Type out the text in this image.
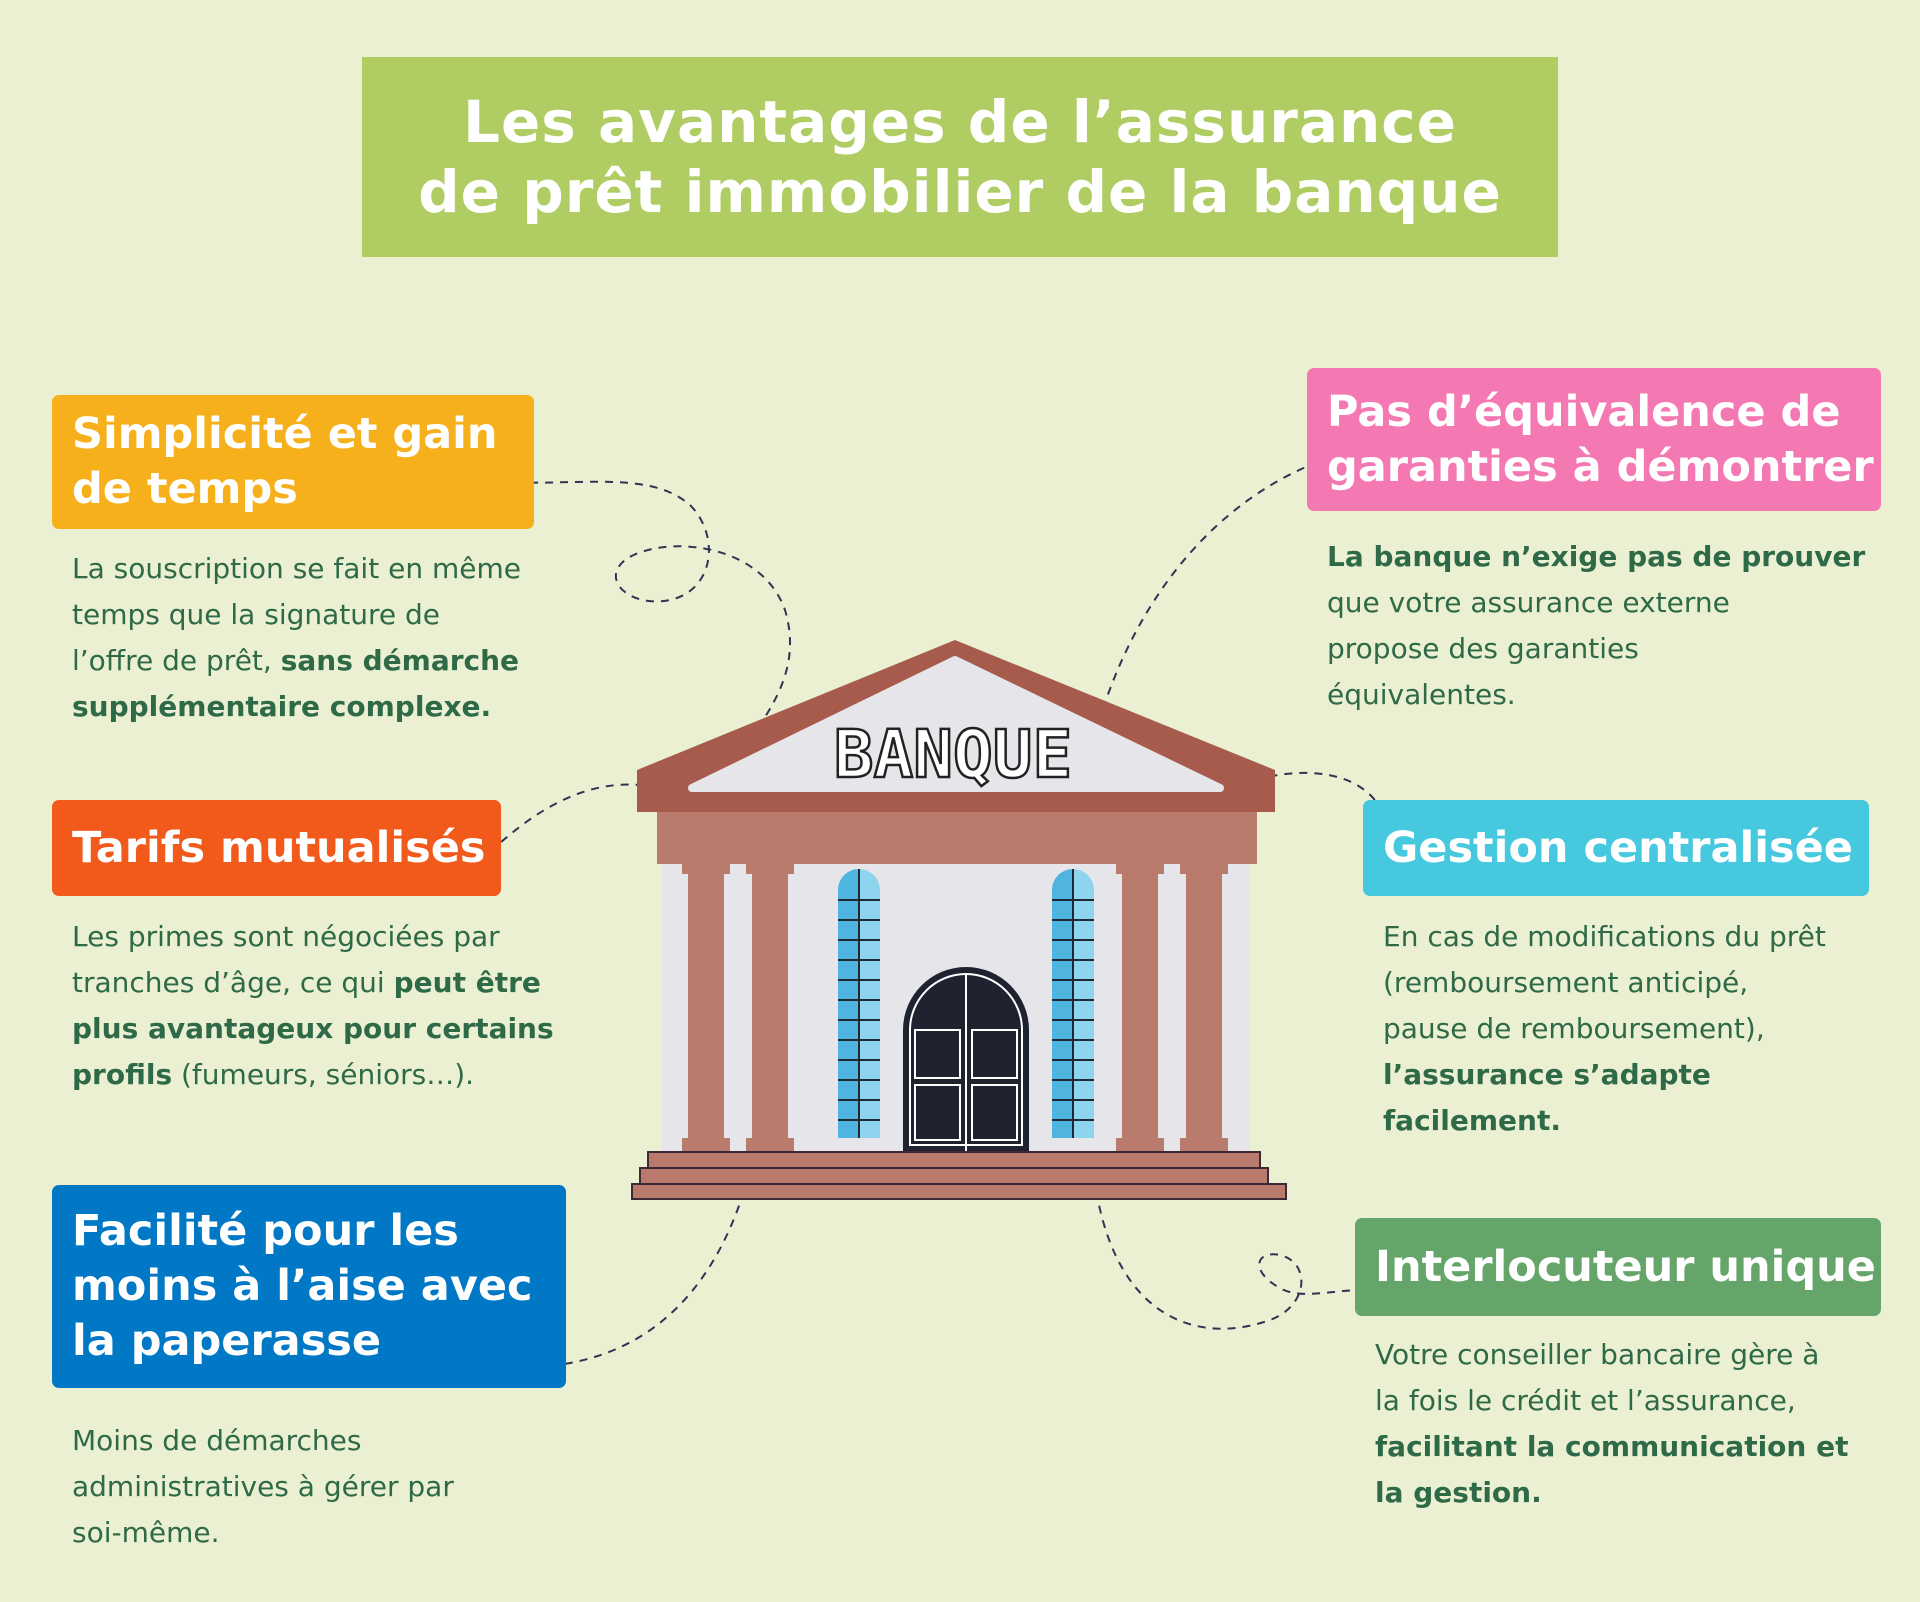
Les avantages de l’assurance
de prêt immobilier de la banque
BANQUE
Simplicité et gain
de temps
La souscription se fait en même
temps que la signature de
l’offre de prêt, sans démarche
supplémentaire complexe.
Tarifs mutualisés
Les primes sont négociées par
tranches d’âge, ce qui peut être
plus avantageux pour certains
profils (fumeurs, séniors…).
Facilité pour les
moins à l’aise avec
la paperasse
Moins de démarches
administratives à gérer par
soi-même.
Pas d’équivalence de
garanties à démontrer
La banque n’exige pas de prouver
que votre assurance externe
propose des garanties
équivalentes.
Gestion centralisée
En cas de modifications du prêt
(remboursement anticipé,
pause de remboursement),
l’assurance s’adapte
facilement.
Interlocuteur unique
Votre conseiller bancaire gère à
la fois le crédit et l’assurance,
facilitant la communication et
la gestion.
